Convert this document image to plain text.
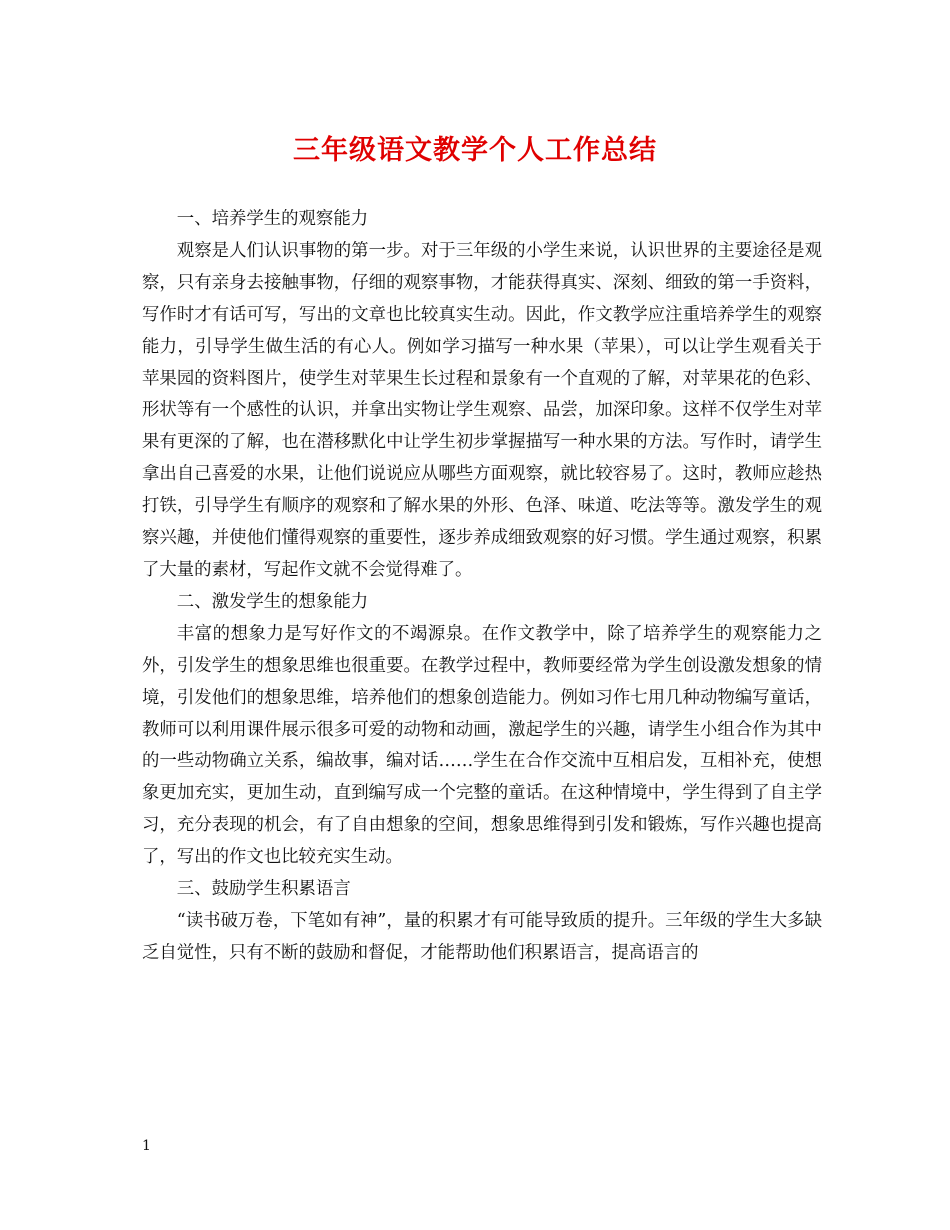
三年级语文教学个人工作总结

一、培养学生的观察能力

观察是人们认识事物的第一步。对于三年级的小学生来说，认识世界的主要途径是观察，只有亲身去接触事物，仔细的观察事物，才能获得真实、深刻、细致的第一手资料，写作时才有话可写，写出的文章也比较真实生动。因此，作文教学应注重培养学生的观察能力，引导学生做生活的有心人。例如学习描写一种水果（苹果），可以让学生观看关于苹果园的资料图片，使学生对苹果生长过程和景象有一个直观的了解，对苹果花的色彩、形状等有一个感性的认识，并拿出实物让学生观察、品尝，加深印象。这样不仅学生对苹果有更深的了解，也在潜移默化中让学生初步掌握描写一种水果的方法。写作时，请学生拿出自己喜爱的水果，让他们说说应从哪些方面观察，就比较容易了。这时，教师应趁热打铁，引导学生有顺序的观察和了解水果的外形、色泽、味道、吃法等等。激发学生的观察兴趣，并使他们懂得观察的重要性，逐步养成细致观察的好习惯。学生通过观察，积累了大量的素材，写起作文就不会觉得难了。

二、激发学生的想象能力

丰富的想象力是写好作文的不竭源泉。在作文教学中，除了培养学生的观察能力之外，引发学生的想象思维也很重要。在教学过程中，教师要经常为学生创设激发想象的情境，引发他们的想象思维，培养他们的想象创造能力。例如习作七用几种动物编写童话，教师可以利用课件展示很多可爱的动物和动画，激起学生的兴趣，请学生小组合作为其中的一些动物确立关系，编故事，编对话……学生在合作交流中互相启发，互相补充，使想象更加充实，更加生动，直到编写成一个完整的童话。在这种情境中，学生得到了自主学习，充分表现的机会，有了自由想象的空间，想象思维得到引发和锻炼，写作兴趣也提高了，写出的作文也比较充实生动。

三、鼓励学生积累语言

“读书破万卷，下笔如有神”，量的积累才有可能导致质的提升。三年级的学生大多缺乏自觉性，只有不断的鼓励和督促，才能帮助他们积累语言，提高语言的

1
